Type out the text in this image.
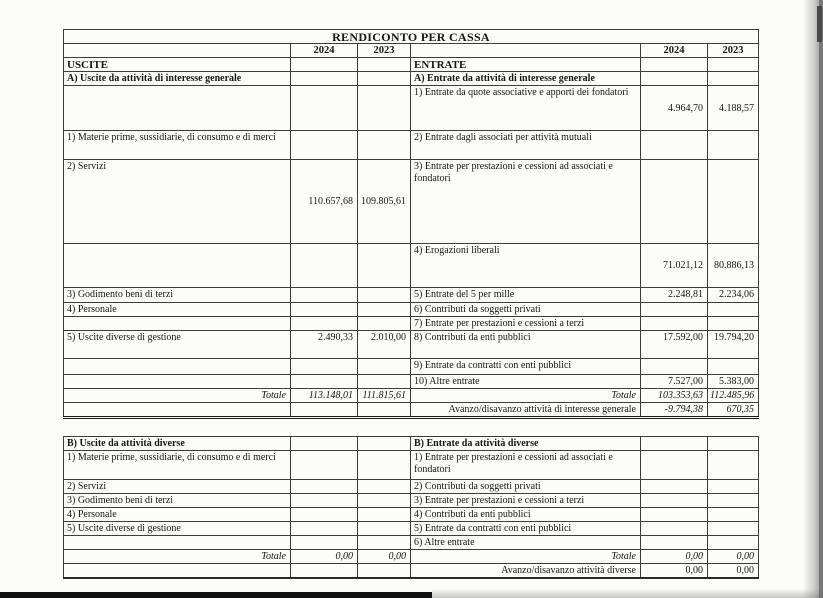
RENDICONTO PER CASSA					
	2024	2023		2024	2023
USCITE			ENTRATE		
A) Uscite da attività di interesse generale			A) Entrate da attività di interesse generale		
			1) Entrate da quote associative e apporti dei fondatori	4.964,70	4.188,57
1) Materie prime, sussidiarie, di consumo e di merci			2) Entrate dagli associati per attività mutuali		
2) Servizi	110.657,68	109.805,61	3) Entrate per prestazioni e cessioni ad associati e fondatori		
			4) Erogazioni liberali	71.021,12	80.886,13
3) Godimento beni di terzi			5) Entrate del 5 per mille	2.248,81	2.234,06
4) Personale			6) Contributi da soggetti privati		
			7) Entrate per prestazioni e cessioni a terzi		
5) Uscite diverse di gestione	2.490,33	2.010,00	8) Contributi da enti pubblici	17.592,00	19.794,20
			9) Entrate da contratti con enti pubblici		
			10) Altre entrate	7.527,00	5.383,00
Totale	113.148,01	111.815,61	Totale	103.353,63	112.485,96
			Avanzo/disavanzo attività di interesse generale	-9.794,38	670,35
B) Uscite da attività diverse			B) Entrate da attività diverse		
1) Materie prime, sussidiarie, di consumo e di merci			1) Entrate per prestazioni e cessioni ad associati e fondatori		
2) Servizi			2) Contributi da soggetti privati		
3) Godimento beni di terzi			3) Entrate per prestazioni e cessioni a terzi		
4) Personale			4) Contributi da enti pubblici		
5) Uscite diverse di gestione			5) Entrate da contratti con enti pubblici		
			6) Altre entrate		
Totale	0,00	0,00	Totale	0,00	0,00
			Avanzo/disavanzo attività diverse	0,00	0,00
